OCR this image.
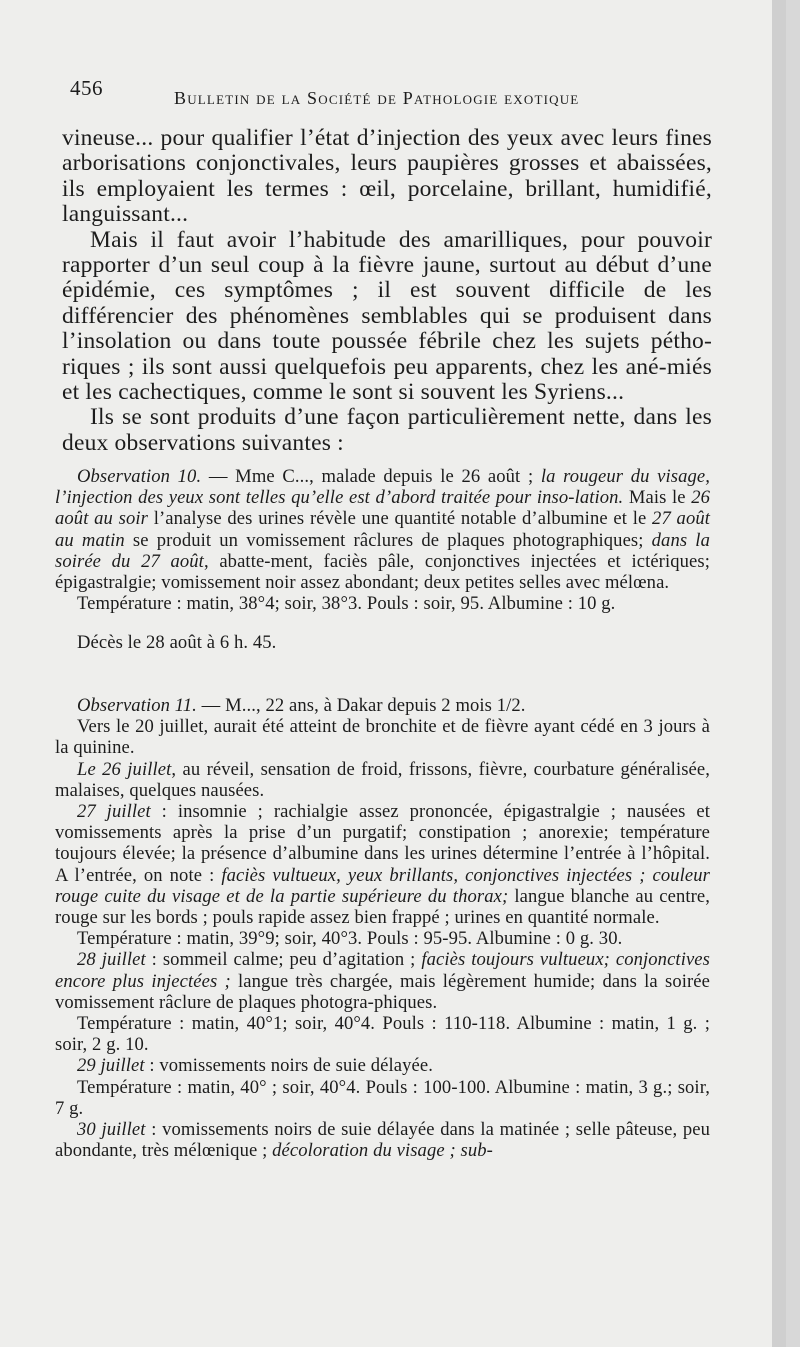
456	Bulletin de la Société de Pathologie exotique

vineuse... pour qualifier l’état d’injection des yeux avec leurs fines arborisations conjonctivales, leurs paupières grosses et abaissées, ils employaient les termes : œil, porcelaine, brillant, humidifié, languissant...

Mais il faut avoir l’habitude des amarilliques, pour pouvoir rapporter d’un seul coup à la fièvre jaune, surtout au début d’une épidémie, ces symptômes ; il est souvent difficile de les différencier des phénomènes semblables qui se produisent dans l’insolation ou dans toute poussée fébrile chez les sujets pétho-riques ; ils sont aussi quelquefois peu apparents, chez les ané-miés et les cachectiques, comme le sont si souvent les Syriens...

Ils se sont produits d’une façon particulièrement nette, dans les deux observations suivantes :

Observation 10. — Mme C..., malade depuis le 26 août ; la rougeur du visage, l’injection des yeux sont telles qu’elle est d’abord traitée pour inso-lation. Mais le 26 août au soir l’analyse des urines révèle une quantité notable d’albumine et le 27 août au matin se produit un vomissement râclures de plaques photographiques; dans la soirée du 27 août, abatte-ment, faciès pâle, conjonctives injectées et ictériques; épigastralgie; vomissement noir assez abondant; deux petites selles avec mélœna.

Température : matin, 38°4; soir, 38°3. Pouls : soir, 95. Albumine : 10 g.

Décès le 28 août à 6 h. 45.

Observation 11. — M..., 22 ans, à Dakar depuis 2 mois 1/2.

Vers le 20 juillet, aurait été atteint de bronchite et de fièvre ayant cédé en 3 jours à la quinine.

Le 26 juillet, au réveil, sensation de froid, frissons, fièvre, courbature généralisée, malaises, quelques nausées.

27 juillet : insomnie ; rachialgie assez prononcée, épigastralgie ; nausées et vomissements après la prise d’un purgatif; constipation ; anorexie; température toujours élevée; la présence d’albumine dans les urines détermine l’entrée à l’hôpital. A l’entrée, on note : faciès vultueux, yeux brillants, conjonctives injectées ; couleur rouge cuite du visage et de la partie supérieure du thorax; langue blanche au centre, rouge sur les bords ; pouls rapide assez bien frappé ; urines en quantité normale.

Température : matin, 39°9; soir, 40°3. Pouls : 95-95. Albumine : 0 g. 30.

28 juillet : sommeil calme; peu d’agitation ; faciès toujours vultueux; conjonctives encore plus injectées ; langue très chargée, mais légèrement humide; dans la soirée vomissement râclure de plaques photogra-phiques.

Température : matin, 40°1; soir, 40°4. Pouls : 110-118. Albumine : matin, 1 g. ; soir, 2 g. 10.

29 juillet : vomissements noirs de suie délayée.

Température : matin, 40° ; soir, 40°4. Pouls : 100-100. Albumine : matin, 3 g.; soir, 7 g.

30 juillet : vomissements noirs de suie délayée dans la matinée ; selle pâteuse, peu abondante, très mélœnique ; décoloration du visage ; sub-
